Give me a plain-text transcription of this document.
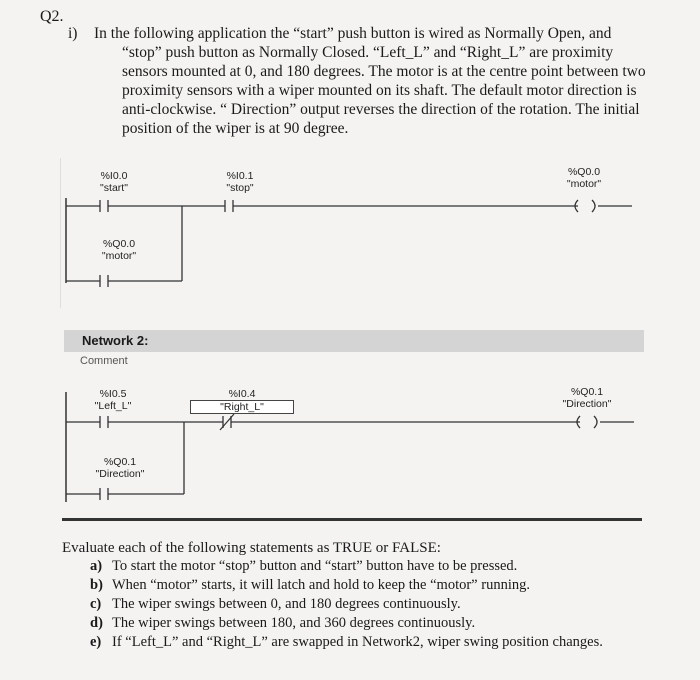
Q2.
i) In the following application the “start” push button is wired as Normally Open, and
“stop” push button as Normally Closed. “Left_L” and “Right_L” are proximity
sensors mounted at 0, and 180 degrees. The motor is at the centre point between two
proximity sensors with a wiper mounted on its shaft. The default motor direction is
anti-clockwise. “ Direction” output reverses the direction of the rotation. The initial
position of the wiper is at 90 degree.
%I0.0
"start"
%I0.1
"stop"
%Q0.0
"motor"
%Q0.0
"motor"
Network 2:
Comment
%I0.5
"Left_L"
%I0.4
"Right_L"
%Q0.1
"Direction"
%Q0.1
"Direction"
Evaluate each of the following statements as TRUE or FALSE:
a) To start the motor “stop” button and “start” button have to be pressed.
b) When “motor” starts, it will latch and hold to keep the “motor” running.
c) The wiper swings between 0, and 180 degrees continuously.
d) The wiper swings between 180, and 360 degrees continuously.
e) If “Left_L” and “Right_L” are swapped in Network2, wiper swing position changes.
